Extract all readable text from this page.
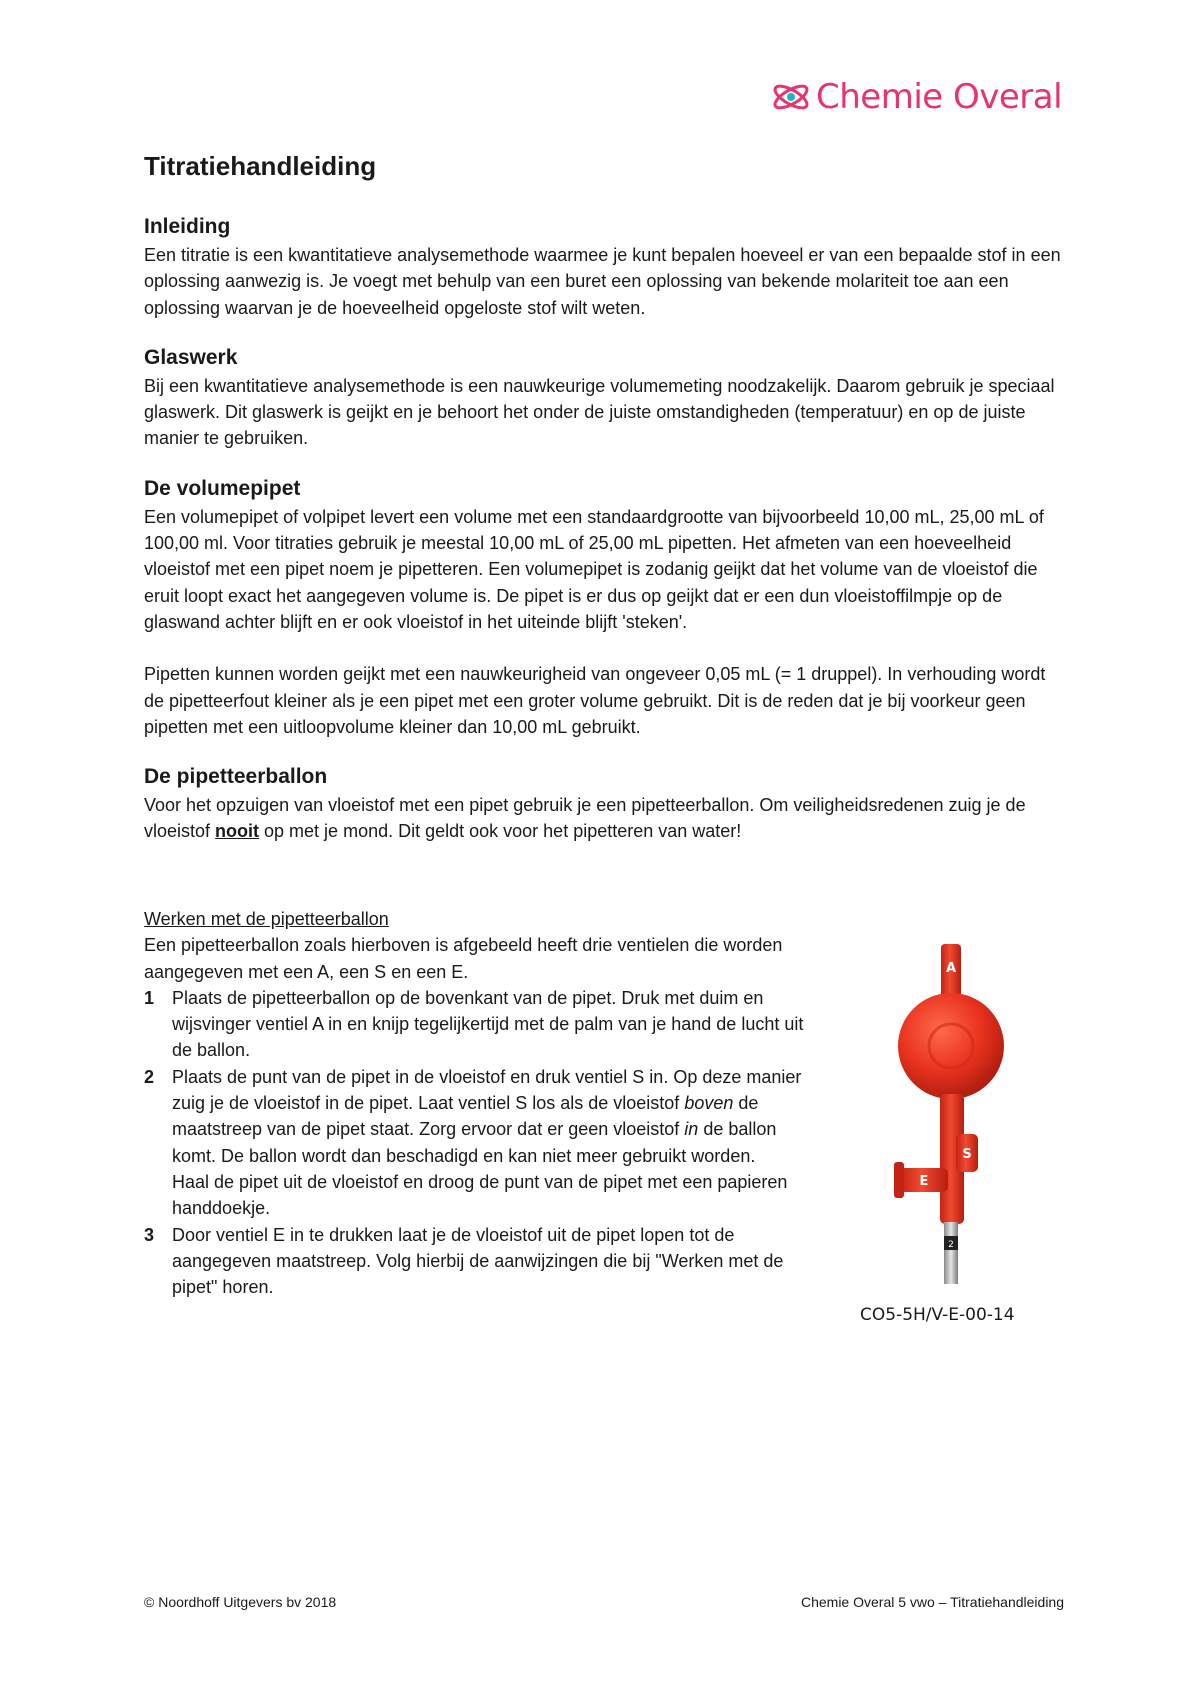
Chemie Overal
Titratiehandleiding
Inleiding

Een titratie is een kwantitatieve analysemethode waarmee je kunt bepalen hoeveel er van een bepaalde stof in een oplossing aanwezig is. Je voegt met behulp van een buret een oplossing van bekende molariteit toe aan een oplossing waarvan je de hoeveelheid opgeloste stof wilt weten.

Glaswerk

Bij een kwantitatieve analysemethode is een nauwkeurige volumemeting noodzakelijk. Daarom gebruik je speciaal glaswerk. Dit glaswerk is geijkt en je behoort het onder de juiste omstandigheden (temperatuur) en op de juiste manier te gebruiken.

De volumepipet

Een volumepipet of volpipet levert een volume met een standaardgrootte van bijvoorbeeld 10,00 mL, 25,00 mL of 100,00 ml. Voor titraties gebruik je meestal 10,00 mL of 25,00 mL pipetten. Het afmeten van een hoeveelheid vloeistof met een pipet noem je pipetteren. Een volumepipet is zodanig geijkt dat het volume van de vloeistof die eruit loopt exact het aangegeven volume is. De pipet is er dus op geijkt dat er een dun vloeistoffilmpje op de glaswand achter blijft en er ook vloeistof in het uiteinde blijft 'steken'.

Pipetten kunnen worden geijkt met een nauwkeurigheid van ongeveer 0,05 mL (= 1 druppel). In verhouding wordt de pipetteerfout kleiner als je een pipet met een groter volume gebruikt. Dit is de reden dat je bij voorkeur geen pipetten met een uitloopvolume kleiner dan 10,00 mL gebruikt.

De pipetteerballon

Voor het opzuigen van vloeistof met een pipet gebruik je een pipetteerballon. Om veiligheidsredenen zuig je de vloeistof nooit op met je mond. Dit geldt ook voor het pipetteren van water!

Werken met de pipetteerballon

Een pipetteerballon zoals hierboven is afgebeeld heeft drie ventielen die worden aangegeven met een A, een S en een E.

1 Plaats de pipetteerballon op de bovenkant van de pipet. Druk met duim en wijsvinger ventiel A in en knijp tegelijkertijd met de palm van je hand de lucht uit de ballon.
2 Plaats de punt van de pipet in de vloeistof en druk ventiel S in. Op deze manier zuig je de vloeistof in de pipet. Laat ventiel S los als de vloeistof boven de maatstreep van de pipet staat. Zorg ervoor dat er geen vloeistof in de ballon komt. De ballon wordt dan beschadigd en kan niet meer gebruikt worden.
Haal de pipet uit de vloeistof en droog de punt van de pipet met een papieren handdoekje.
3 Door ventiel E in te drukken laat je de vloeistof uit de pipet lopen tot de aangegeven maatstreep. Volg hierbij de aanwijzingen die bij "Werken met de pipet" horen.
2
A
S
E
CO5-5H/V-E-00-14
© Noordhoff Uitgevers bv 2018	Chemie Overal 5 vwo – Titratiehandleiding
